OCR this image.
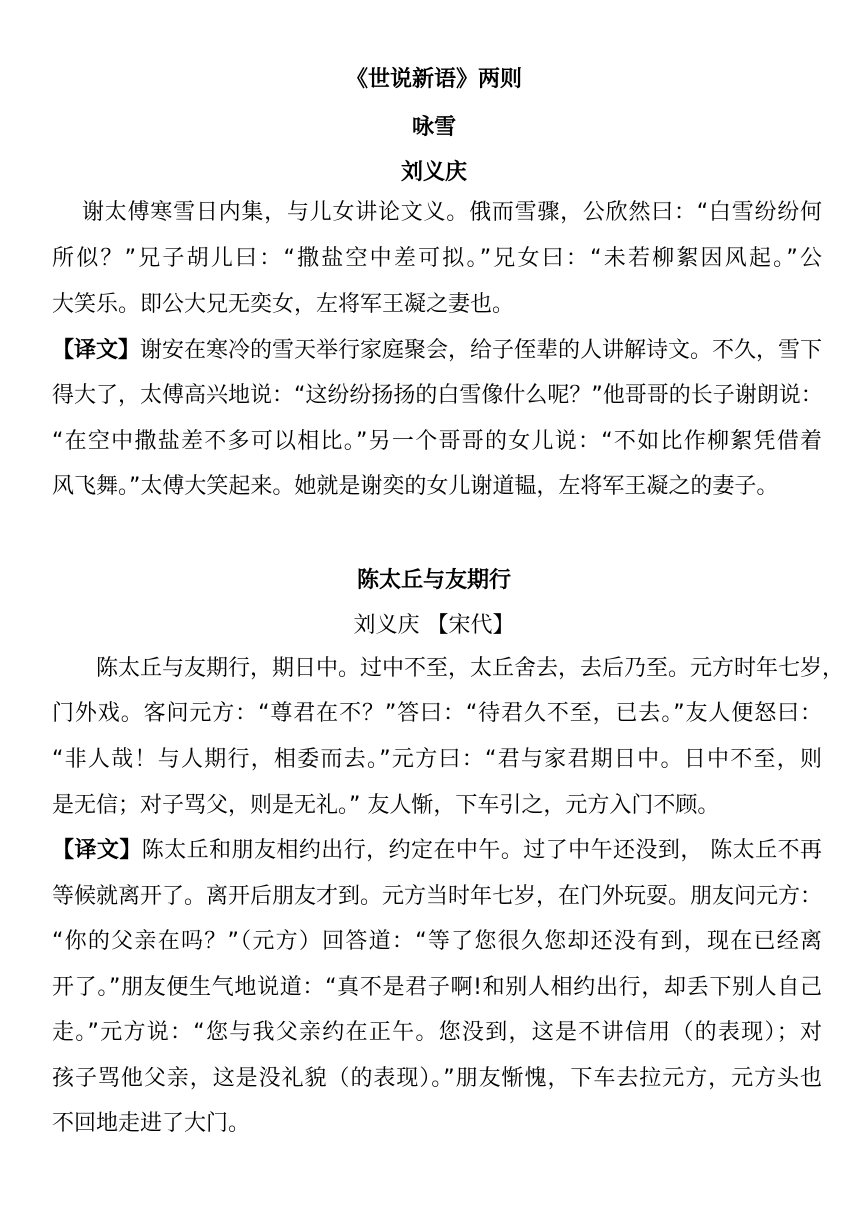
《世说新语》两则
咏雪
刘义庆
谢太傅寒雪日内集，与儿女讲论文义。俄而雪骤，公欣然曰：“白雪纷纷何
所似？”兄子胡儿曰：“撒盐空中差可拟。”兄女曰：“未若柳絮因风起。”公
大笑乐。即公大兄无奕女，左将军王凝之妻也。
【译文】谢安在寒冷的雪天举行家庭聚会，给子侄辈的人讲解诗文。不久，雪下
得大了，太傅高兴地说：“这纷纷扬扬的白雪像什么呢？”他哥哥的长子谢朗说：
“在空中撒盐差不多可以相比。”另一个哥哥的女儿说：“不如比作柳絮凭借着
风飞舞。”太傅大笑起来。她就是谢奕的女儿谢道韫，左将军王凝之的妻子。
陈太丘与友期行
刘义庆 【宋代】
陈太丘与友期行，期日中。过中不至，太丘舍去，去后乃至。元方时年七岁，
门外戏。客问元方：“尊君在不？”答曰：“待君久不至，已去。”友人便怒曰：
“非人哉！与人期行，相委而去。”元方曰：“君与家君期日中。日中不至，则
是无信；对子骂父，则是无礼。” 友人惭，下车引之，元方入门不顾。
【译文】陈太丘和朋友相约出行，约定在中午。过了中午还没到， 陈太丘不再
等候就离开了。离开后朋友才到。元方当时年七岁，在门外玩耍。朋友问元方：
“你的父亲在吗？”（元方）回答道：“等了您很久您却还没有到，现在已经离
开了。”朋友便生气地说道：“真不是君子啊!和别人相约出行，却丢下别人自己
走。”元方说：“您与我父亲约在正午。您没到，这是不讲信用（的表现）；对
孩子骂他父亲，这是没礼貌（的表现）。”朋友惭愧，下车去拉元方，元方头也
不回地走进了大门。
